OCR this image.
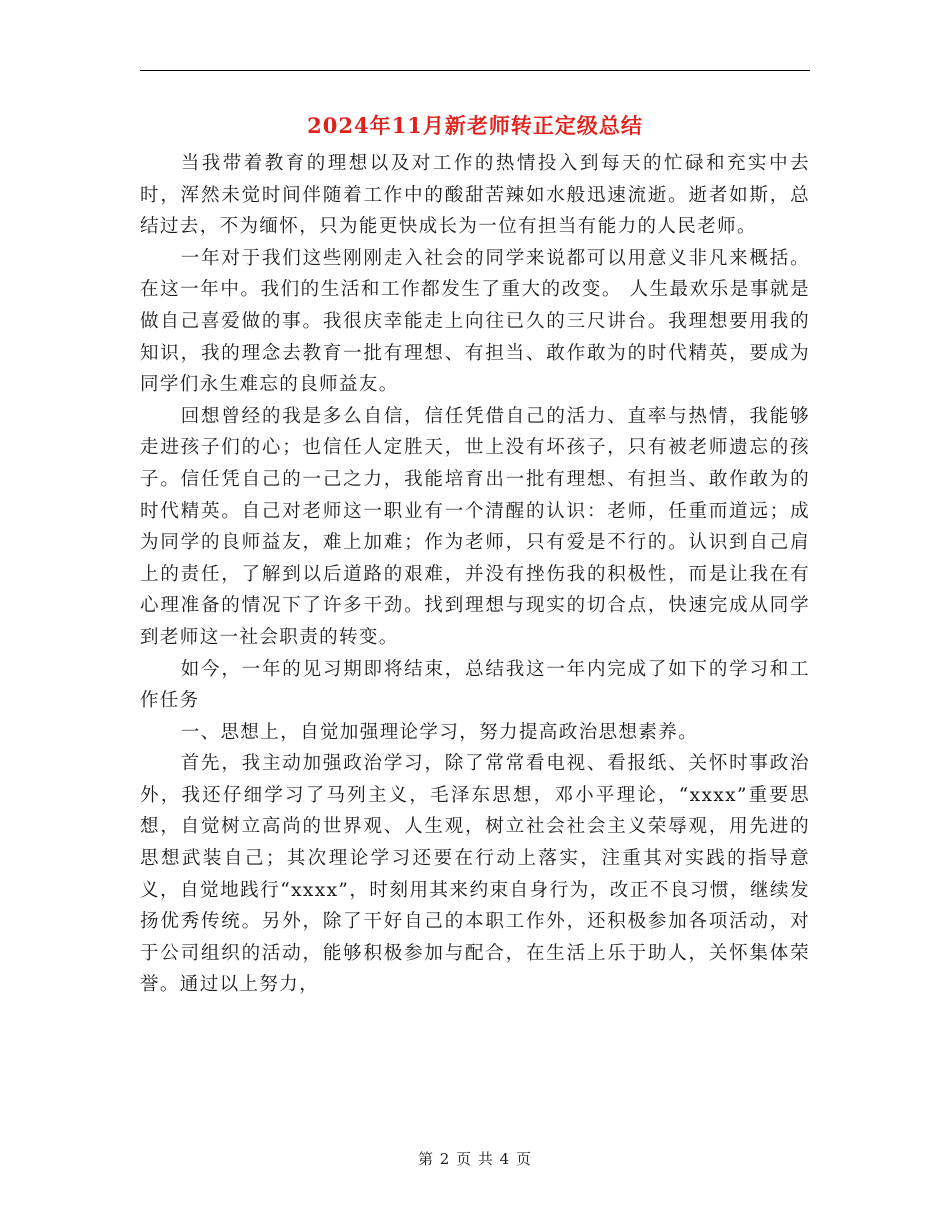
2024年11月新老师转正定级总结

当我带着教育的理想以及对工作的热情投入到每天的忙碌和充实中去时，浑然未觉时间伴随着工作中的酸甜苦辣如水般迅速流逝。逝者如斯，总结过去，不为缅怀，只为能更快成长为一位有担当有能力的人民老师。

一年对于我们这些刚刚走入社会的同学来说都可以用意义非凡来概括。在这一年中。我们的生活和工作都发生了重大的改变。 人生最欢乐是事就是做自己喜爱做的事。我很庆幸能走上向往已久的三尺讲台。我理想要用我的知识，我的理念去教育一批有理想、有担当、敢作敢为的时代精英，要成为同学们永生难忘的良师益友。

回想曾经的我是多么自信，信任凭借自己的活力、直率与热情，我能够走进孩子们的心；也信任人定胜天，世上没有坏孩子，只有被老师遗忘的孩子。信任凭自己的一己之力，我能培育出一批有理想、有担当、敢作敢为的时代精英。自己对老师这一职业有一个清醒的认识：老师，任重而道远；成为同学的良师益友，难上加难；作为老师，只有爱是不行的。认识到自己肩上的责任，了解到以后道路的艰难，并没有挫伤我的积极性，而是让我在有心理准备的情况下了许多干劲。找到理想与现实的切合点，快速完成从同学到老师这一社会职责的转变。

如今，一年的见习期即将结束，总结我这一年内完成了如下的学习和工作任务

一、思想上，自觉加强理论学习，努力提高政治思想素养。

首先，我主动加强政治学习，除了常常看电视、看报纸、关怀时事政治外，我还仔细学习了马列主义，毛泽东思想，邓小平理论，“xxxx”重要思想，自觉树立高尚的世界观、人生观，树立社会社会主义荣辱观，用先进的思想武装自己；其次理论学习还要在行动上落实，注重其对实践的指导意义，自觉地践行“xxxx”，时刻用其来约束自身行为，改正不良习惯，继续发扬优秀传统。另外，除了干好自己的本职工作外，还积极参加各项活动，对于公司组织的活动，能够积极参加与配合，在生活上乐于助人，关怀集体荣誉。通过以上努力，

第 2 页 共 4 页
